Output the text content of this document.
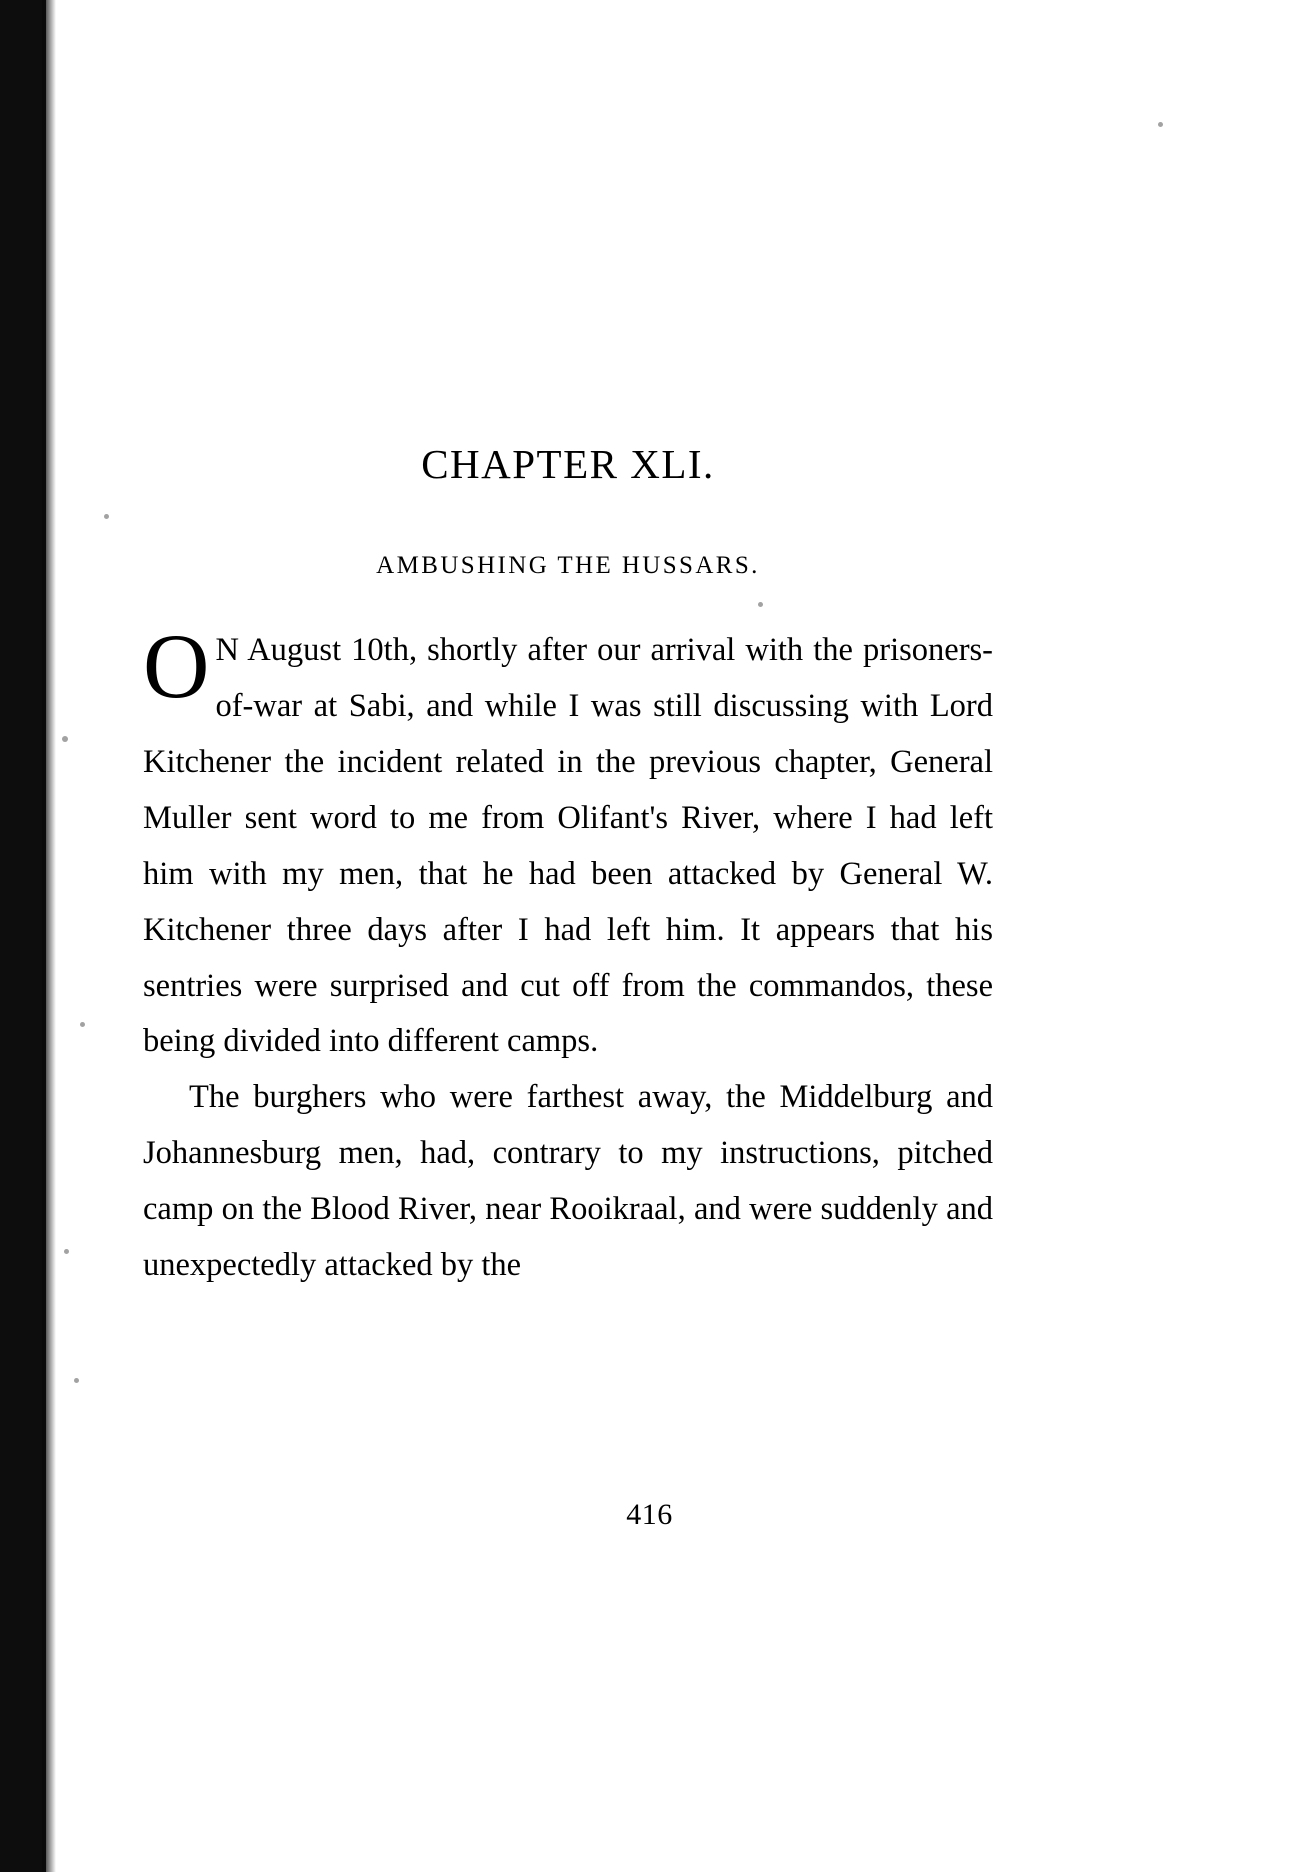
CHAPTER XLI.
AMBUSHING THE HUSSARS.

ON August 10th, shortly after our arrival with the prisoners-of-war at Sabi, and while I was still discussing with Lord Kitchener the incident related in the previous chapter, General Muller sent word to me from Olifant's River, where I had left him with my men, that he had been attacked by General W. Kitchener three days after I had left him. It appears that his sentries were surprised and cut off from the commandos, these being divided into different camps.

The burghers who were farthest away, the Middelburg and Johannesburg men, had, contrary to my instructions, pitched camp on the Blood River, near Rooikraal, and were suddenly and unexpectedly attacked by the

416
